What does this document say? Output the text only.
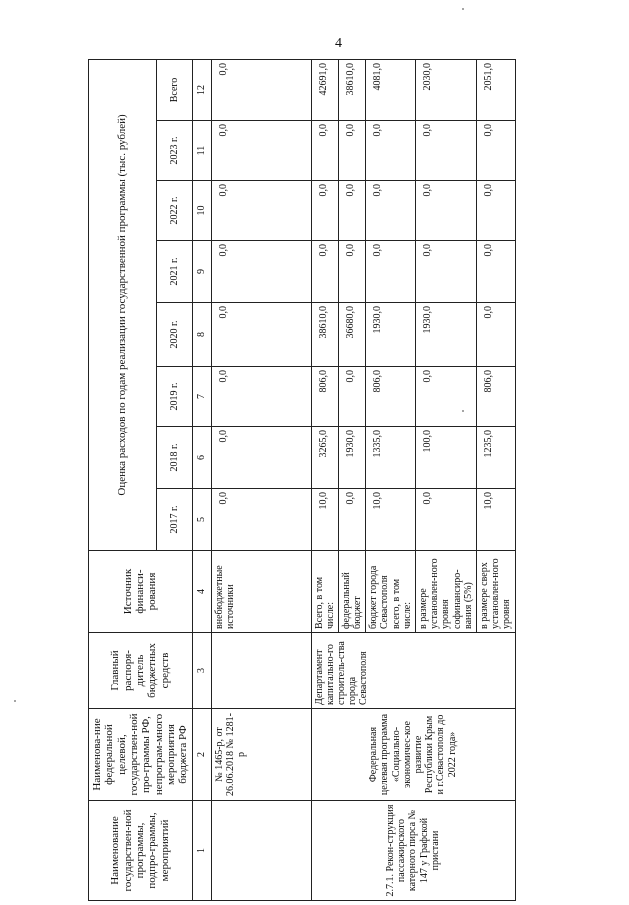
4
Наименование государствен-ной программы, подпро-граммы, мероприятий	Наименова-ние федеральной целевой, государствен-ной про-граммы РФ, непрограм-много мероприятия бюджета РФ	Главный распоря-дитель бюджетных средств	Источник финанси-рования	Оценка расходов по годам реализации государственной программы (тыс. рублей)							
				2017 г.	2018 г.	2019 г.	2020 г.	2021 г.	2022 г.	2023 г.	Всего
1	2	3	4	5	6	7	8	9	10	11	12
	№ 1465-р, от 26.06.2018 № 1281-р		внебюджетные источники	0,0	0,0	0,0	0,0	0,0	0,0	0,0	0,0
2.7.1. Рекон-струкция пассажирского катерного пирса № 147 у Графской пристани	Федеральная целевая программа «Социально-экономичес-кое развитие Республики Крым и г.Севастополя до 2022 года»	Департамент капитально-го строитель-ства города Севастополя	Всего, в том числе:	10,0	3265,0	806,0	38610,0	0,0	0,0	0,0	42691,0
			федеральный бюджет	0,0	1930,0	0,0	36680,0	0,0	0,0	0,0	38610,0
			бюджет города Севастополя всего, в том числе:	10,0	1335,0	806,0	1930,0	0,0	0,0	0,0	4081,0
			в размере установлен-ного уровня софинансиро-вания (5%)	0,0	100,0	0,0	1930,0	0,0	0,0	0,0	2030,0
			в размере сверх установлен-ного уровня	10,0	1235,0	806,0	0,0	0,0	0,0	0,0	2051,0
